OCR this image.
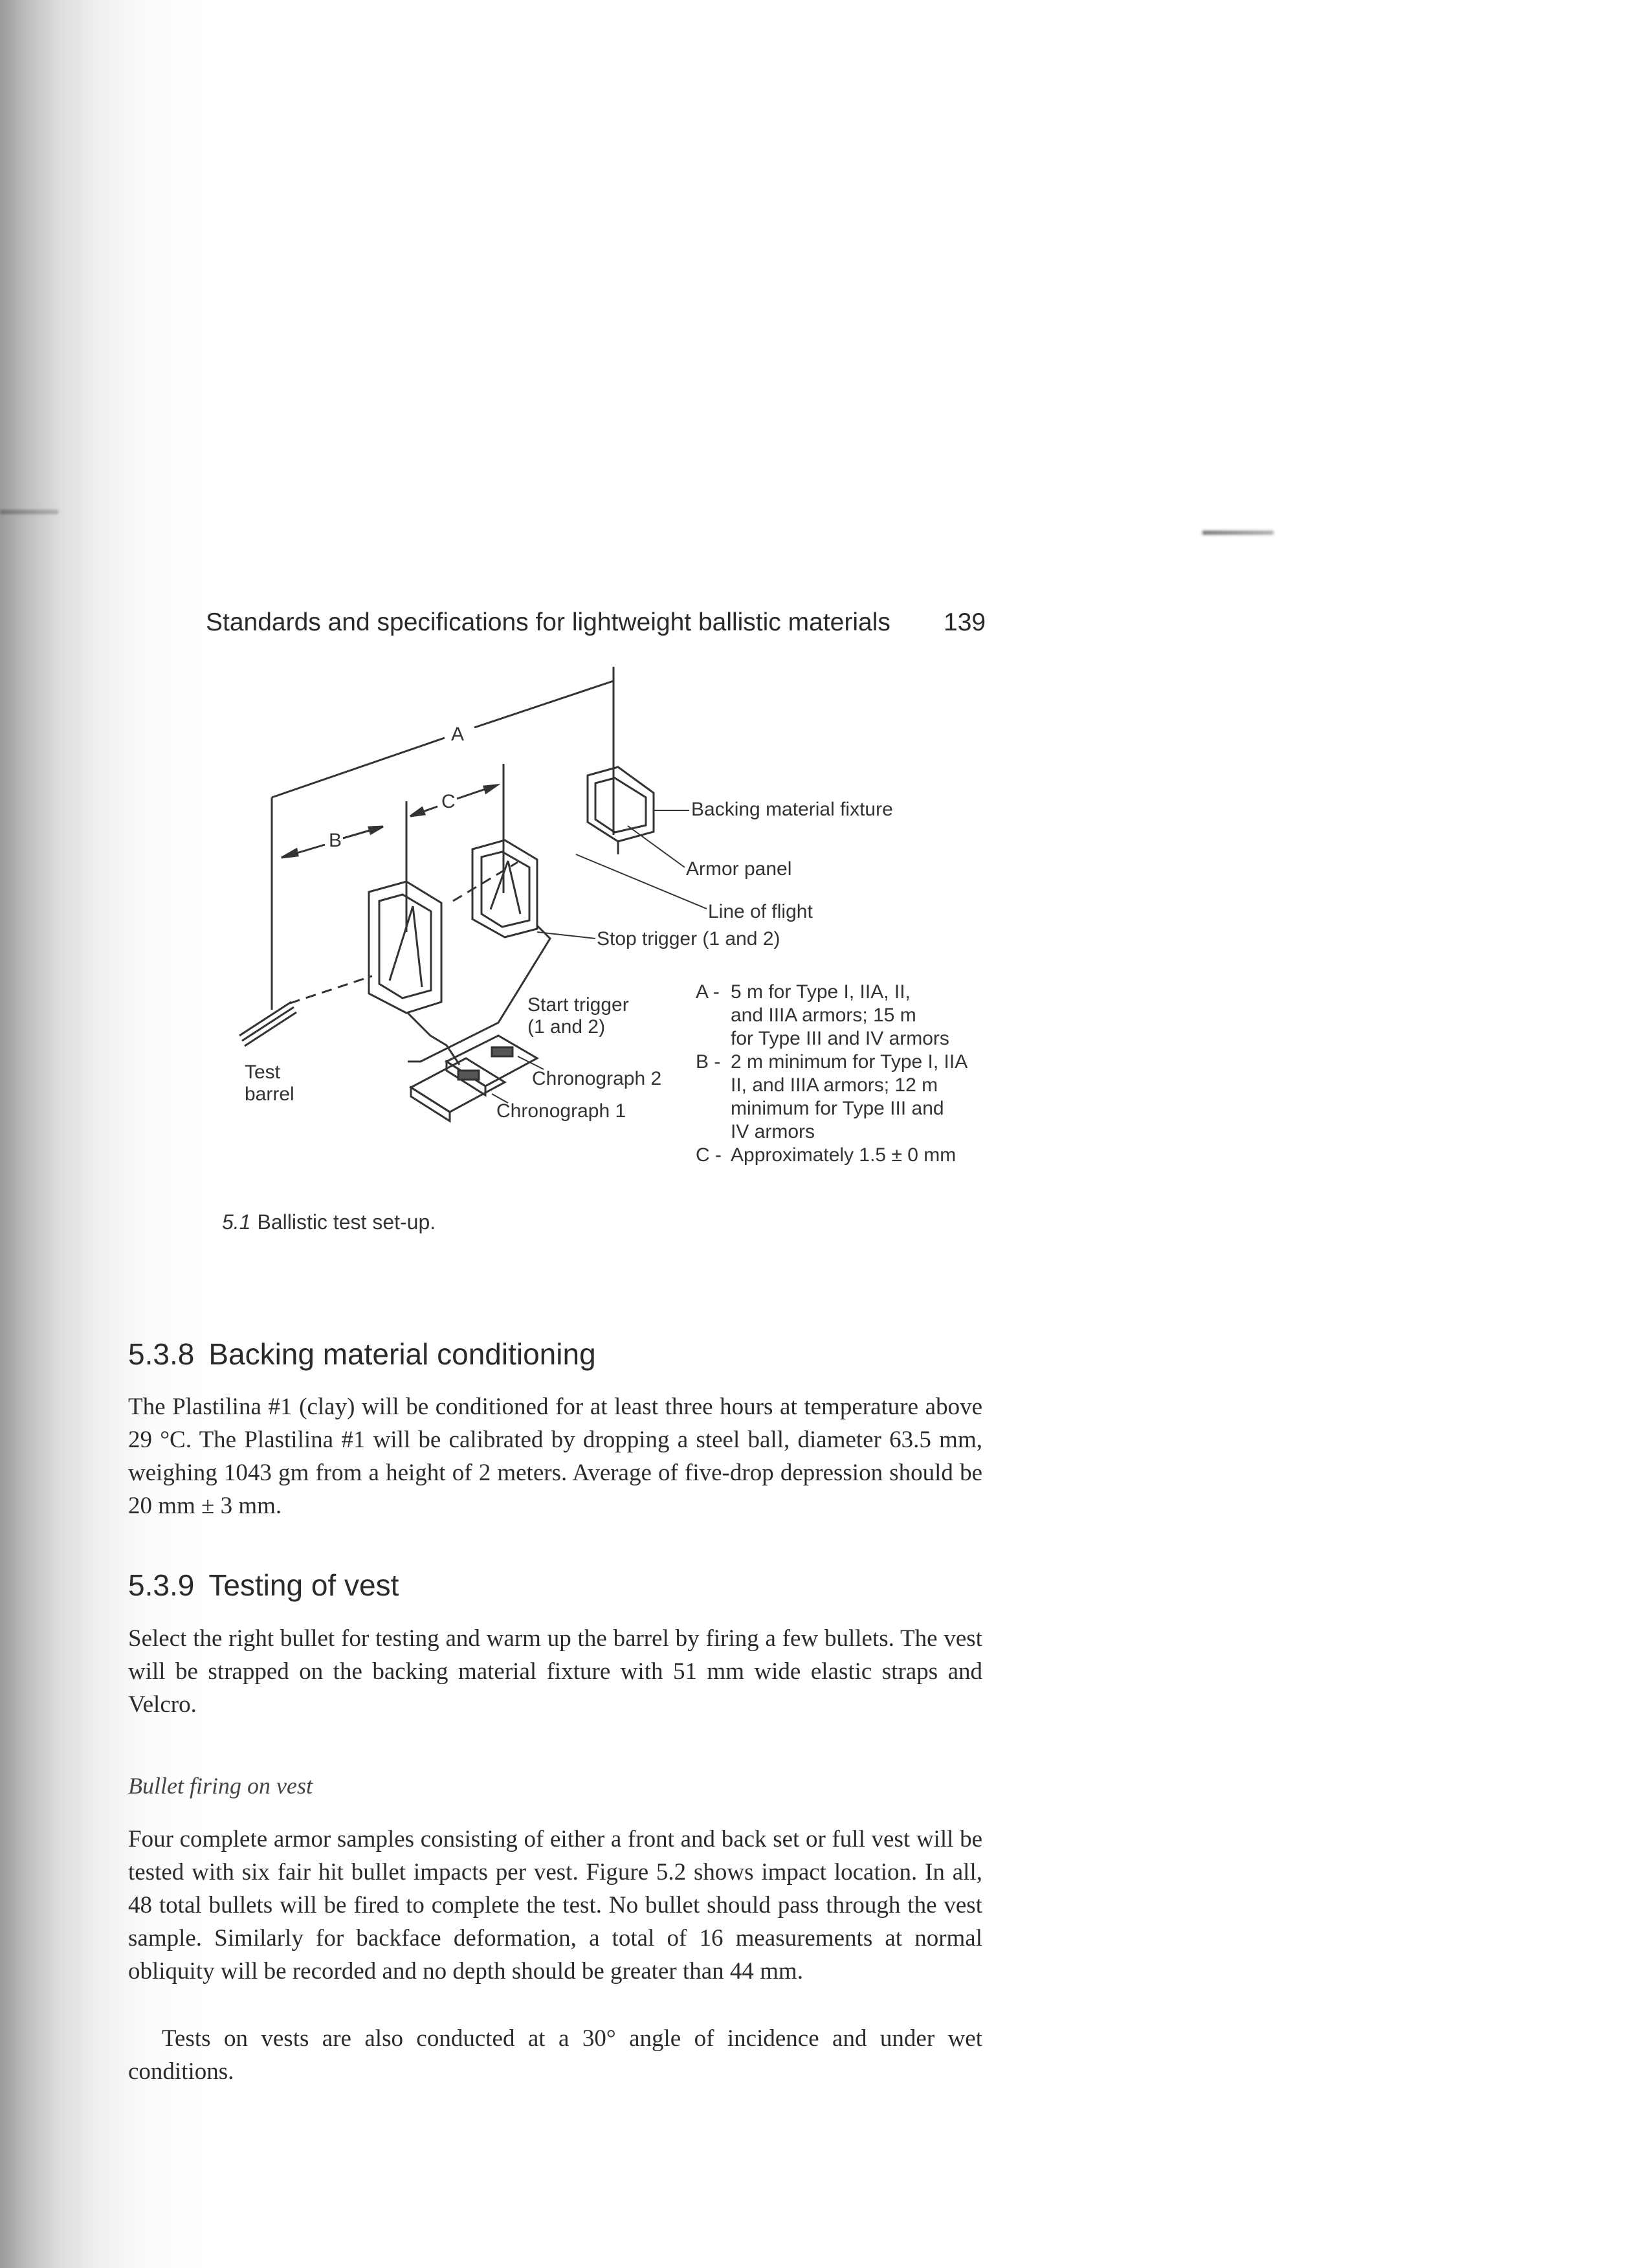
Standards and specifications for lightweight ballistic materials 139
A
B
C	Backing material fixture
Armor panel
Line of flight
Stop trigger (1 and 2)
Start trigger
(1 and 2)
Chronograph 2
Chronograph 1
Test
barrel
A - 5 m for Type I, IIA, II,
and IIIA armors; 15 m
for Type III and IV armors
B - 2 m minimum for Type I, IIA
II, and IIIA armors; 12 m
minimum for Type III and
IV armors
C - Approximately 1.5 ± 0 mm
5.1 Ballistic test set-up.
5.3.8 Backing material conditioning

The Plastilina #1 (clay) will be conditioned for at least three hours at temperature above 29 °C. The Plastilina #1 will be calibrated by dropping a steel ball, diameter 63.5 mm, weighing 1043 gm from a height of 2 meters. Average of five-drop depression should be 20 mm ± 3 mm.

5.3.9 Testing of vest

Select the right bullet for testing and warm up the barrel by firing a few bullets. The vest will be strapped on the backing material fixture with 51 mm wide elastic straps and Velcro.

Bullet firing on vest

Four complete armor samples consisting of either a front and back set or full vest will be tested with six fair hit bullet impacts per vest. Figure 5.2 shows impact location. In all, 48 total bullets will be fired to complete the test. No bullet should pass through the vest sample. Similarly for backface deformation, a total of 16 measurements at normal obliquity will be recorded and no depth should be greater than 44 mm.

Tests on vests are also conducted at a 30° angle of incidence and under wet conditions.
